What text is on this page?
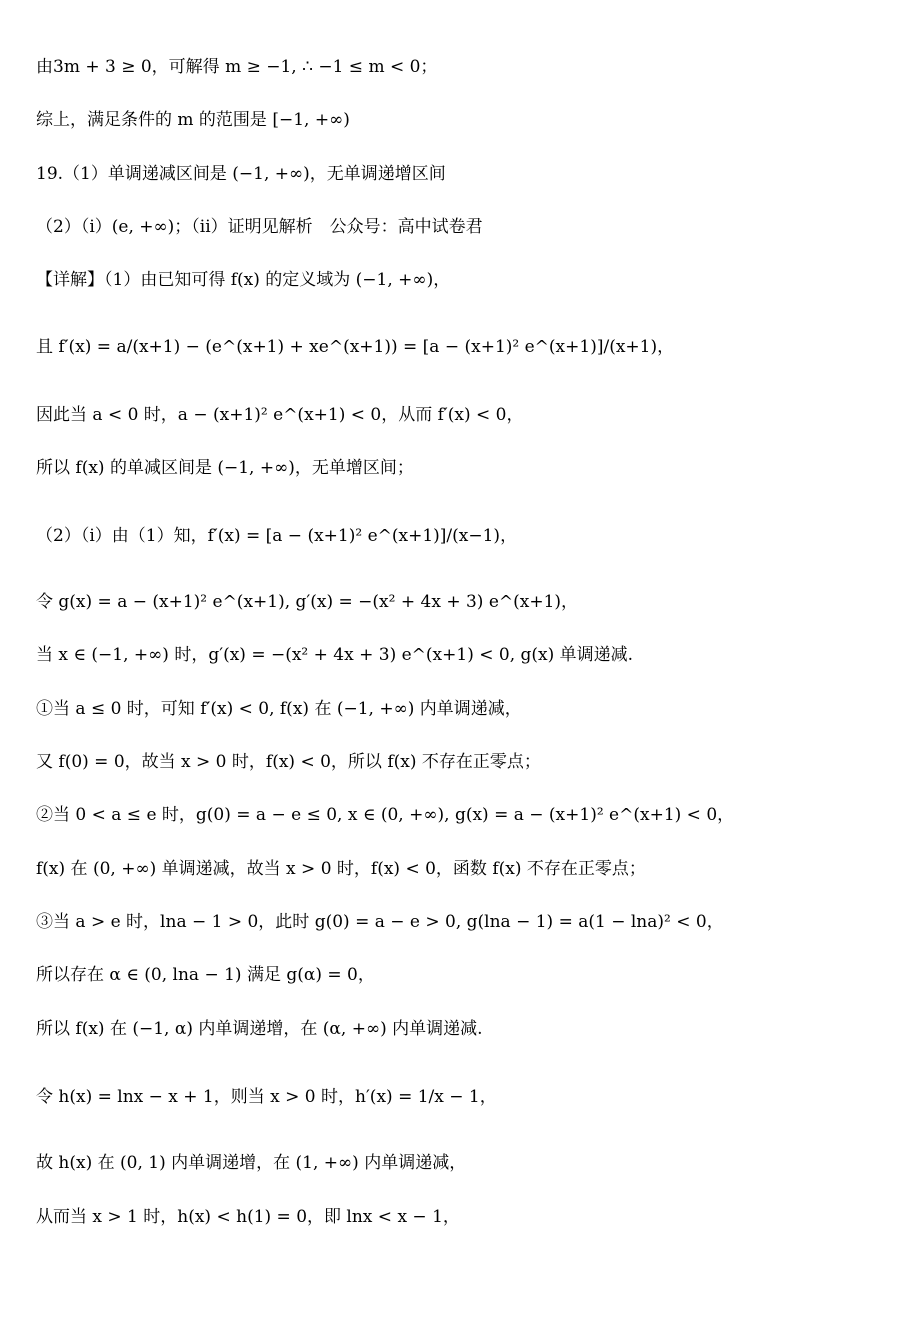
由3m + 3 ≥ 0，可解得 m ≥ −1, ∴ −1 ≤ m < 0；
综上，满足条件的 m 的范围是 [−1, +∞)
19.（1）单调递减区间是 (−1, +∞)，无单调递增区间
（2）（i）(e, +∞)；（ii）证明见解析　公众号：高中试卷君
【详解】（1）由已知可得 f(x) 的定义域为 (−1, +∞)，
且 f′(x) = a/(x+1) − (e^(x+1) + xe^(x+1)) = [a − (x+1)² e^(x+1)]/(x+1)，
因此当 a < 0 时，a − (x+1)² e^(x+1) < 0，从而 f′(x) < 0，
所以 f(x) 的单减区间是 (−1, +∞)，无单增区间；
（2）（i）由（1）知，f′(x) = [a − (x+1)² e^(x+1)]/(x−1)，
令 g(x) = a − (x+1)² e^(x+1), g′(x) = −(x² + 4x + 3) e^(x+1)，
当 x ∈ (−1, +∞) 时，g′(x) = −(x² + 4x + 3) e^(x+1) < 0, g(x) 单调递减.
①当 a ≤ 0 时，可知 f′(x) < 0, f(x) 在 (−1, +∞) 内单调递减，
又 f(0) = 0，故当 x > 0 时，f(x) < 0，所以 f(x) 不存在正零点；
②当 0 < a ≤ e 时，g(0) = a − e ≤ 0, x ∈ (0, +∞), g(x) = a − (x+1)² e^(x+1) < 0，
f(x) 在 (0, +∞) 单调递减，故当 x > 0 时，f(x) < 0，函数 f(x) 不存在正零点；
③当 a > e 时，lna − 1 > 0，此时 g(0) = a − e > 0, g(lna − 1) = a(1 − lna)² < 0，
所以存在 α ∈ (0, lna − 1) 满足 g(α) = 0，
所以 f(x) 在 (−1, α) 内单调递增，在 (α, +∞) 内单调递减.
令 h(x) = lnx − x + 1，则当 x > 0 时，h′(x) = 1/x − 1，
故 h(x) 在 (0, 1) 内单调递增，在 (1, +∞) 内单调递减，
从而当 x > 1 时，h(x) < h(1) = 0，即 lnx < x − 1，
